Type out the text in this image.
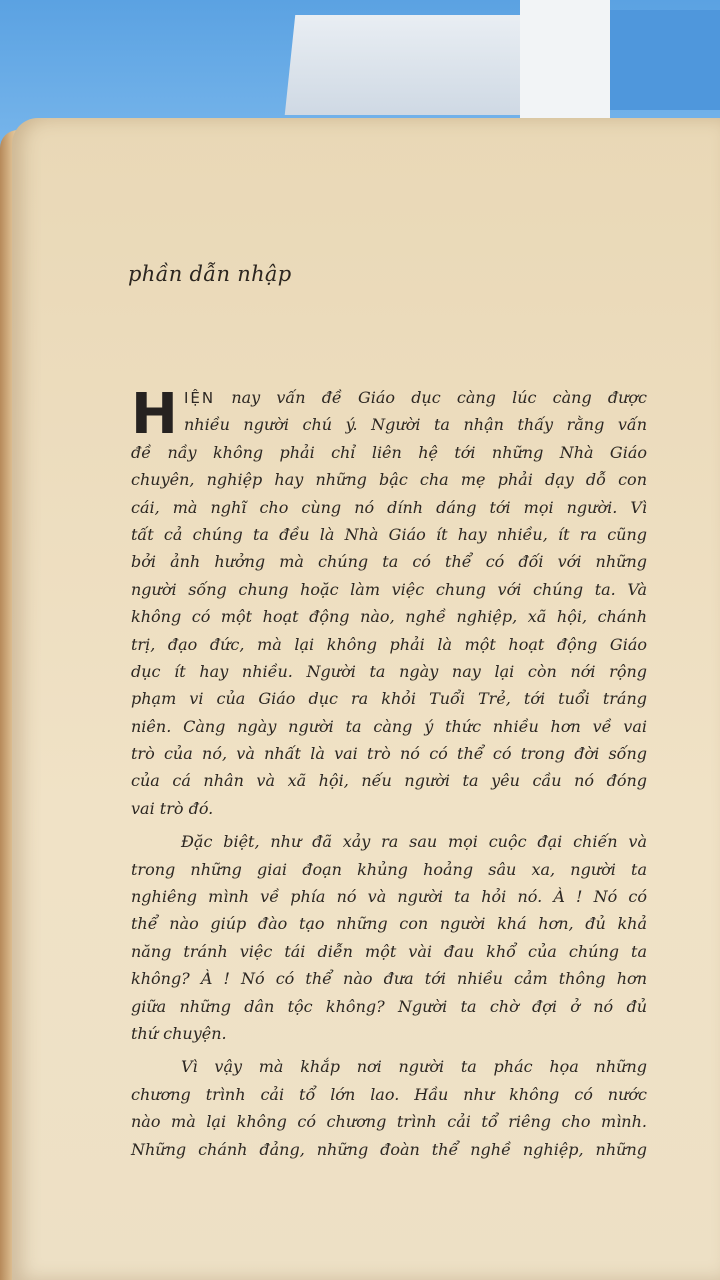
phần dẫn nhập
H IỆN nay vấn đề Giáo dục càng lúc càng được
nhiều người chú ý. Người ta nhận thấy rằng vấn
đề nầy không phải chỉ liên hệ tới những Nhà Giáo
chuyên, nghiệp hay những bậc cha mẹ phải dạy dỗ con
cái, mà nghĩ cho cùng nó dính dáng tới mọi người. Vì
tất cả chúng ta đều là Nhà Giáo ít hay nhiều, ít ra cũng
bởi ảnh hưởng mà chúng ta có thể có đối với những
người sống chung hoặc làm việc chung với chúng ta. Và
không có một hoạt động nào, nghề nghiệp, xã hội, chánh
trị, đạo đức, mà lại không phải là một hoạt động Giáo
dục ít hay nhiều. Người ta ngày nay lại còn nới rộng
phạm vi của Giáo dục ra khỏi Tuổi Trẻ, tới tuổi tráng
niên. Càng ngày người ta càng ý thức nhiều hơn về vai
trò của nó, và nhất là vai trò nó có thể có trong đời sống
của cá nhân và xã hội, nếu người ta yêu cầu nó đóng
vai trò đó.
Đặc biệt, như đã xảy ra sau mọi cuộc đại chiến và
trong những giai đoạn khủng hoảng sâu xa, người ta
nghiêng mình về phía nó và người ta hỏi nó. À ! Nó có
thể nào giúp đào tạo những con người khá hơn, đủ khả
năng tránh việc tái diễn một vài đau khổ của chúng ta
không? À ! Nó có thể nào đưa tới nhiều cảm thông hơn
giữa những dân tộc không? Người ta chờ đợi ở nó đủ
thứ chuyện.
Vì vậy mà khắp nơi người ta phác họa những
chương trình cải tổ lớn lao. Hầu như không có nước
nào mà lại không có chương trình cải tổ riêng cho mình.
Những chánh đảng, những đoàn thể nghề nghiệp, những
